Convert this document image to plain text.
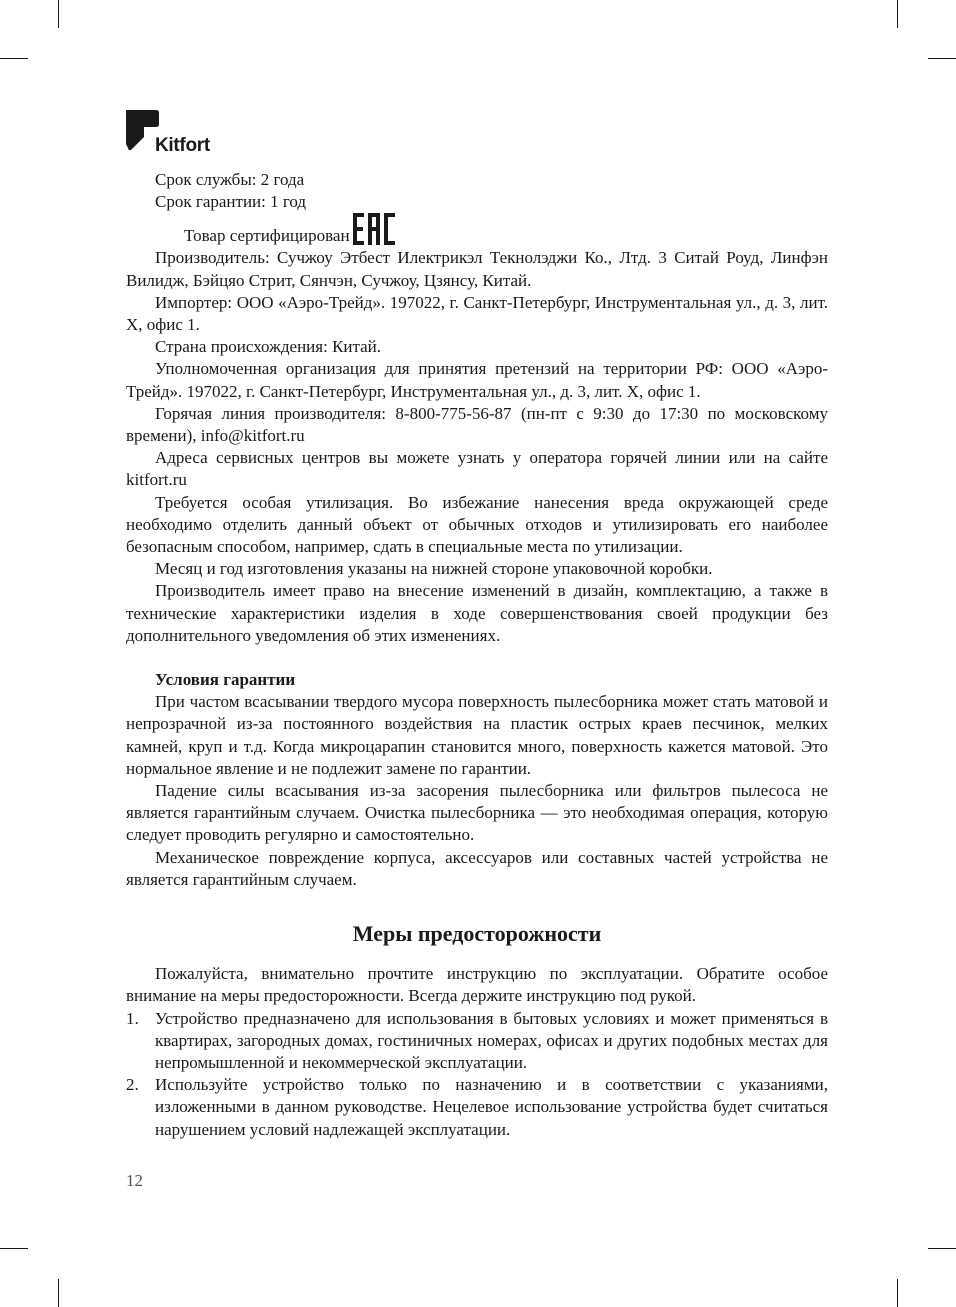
Kitfort
Срок службы: 2 года
Срок гарантии: 1 год
Товар сертифицирован

Производитель: Сучжоу Этбест Илектрикэл Текнолэджи Ко., Лтд. 3 Ситай Роуд, Линфэн Вилидж, Бэйцяо Стрит, Сянчэн, Сучжоу, Цзянсу, Китай.

Импортер: ООО «Аэро-Трейд». 197022, г. Санкт-Петербург, Инструментальная ул., д. 3, лит. Х, офис 1.

Страна происхождения: Китай.

Уполномоченная организация для принятия претензий на территории РФ: ООО «Аэро-Трейд». 197022, г. Санкт-Петербург, Инструментальная ул., д. 3, лит. Х, офис 1.

Горячая линия производителя: 8-800-775-56-87 (пн-пт с 9:30 до 17:30 по московскому времени), info@kitfort.ru

Адреса сервисных центров вы можете узнать у оператора горячей линии или на сайте kitfort.ru

Требуется особая утилизация. Во избежание нанесения вреда окружающей среде необходимо отделить данный объект от обычных отходов и утилизировать его наиболее безопасным способом, например, сдать в специальные места по утилизации.

Месяц и год изготовления указаны на нижней стороне упаковочной коробки.

Производитель имеет право на внесение изменений в дизайн, комплектацию, а также в технические характеристики изделия в ходе совершенствования своей продукции без дополнительного уведомления об этих изменениях.

Условия гарантии

При частом всасывании твердого мусора поверхность пылесборника может стать матовой и непрозрачной из-за постоянного воздействия на пластик острых краев песчинок, мелких камней, круп и т.д. Когда микроцарапин становится много, поверхность кажется матовой. Это нормальное явление и не подлежит замене по гарантии.

Падение силы всасывания из-за засорения пылесборника или фильтров пылесоса не является гарантийным случаем. Очистка пылесборника — это необходимая операция, которую следует проводить регулярно и самостоятельно.

Механическое повреждение корпуса, аксессуаров или составных частей устройства не является гарантийным случаем.

Меры предосторожности

Пожалуйста, внимательно прочтите инструкцию по эксплуатации. Обратите особое внимание на меры предосторожности. Всегда держите инструкцию под рукой.

1. Устройство предназначено для использования в бытовых условиях и может применяться в квартирах, загородных домах, гостиничных номерах, офисах и других подобных местах для непромышленной и некоммерческой эксплуатации.
2. Используйте устройство только по назначению и в соответствии с указаниями, изложенными в данном руководстве. Нецелевое использование устройства будет считаться нарушением условий надлежащей эксплуатации.
12
